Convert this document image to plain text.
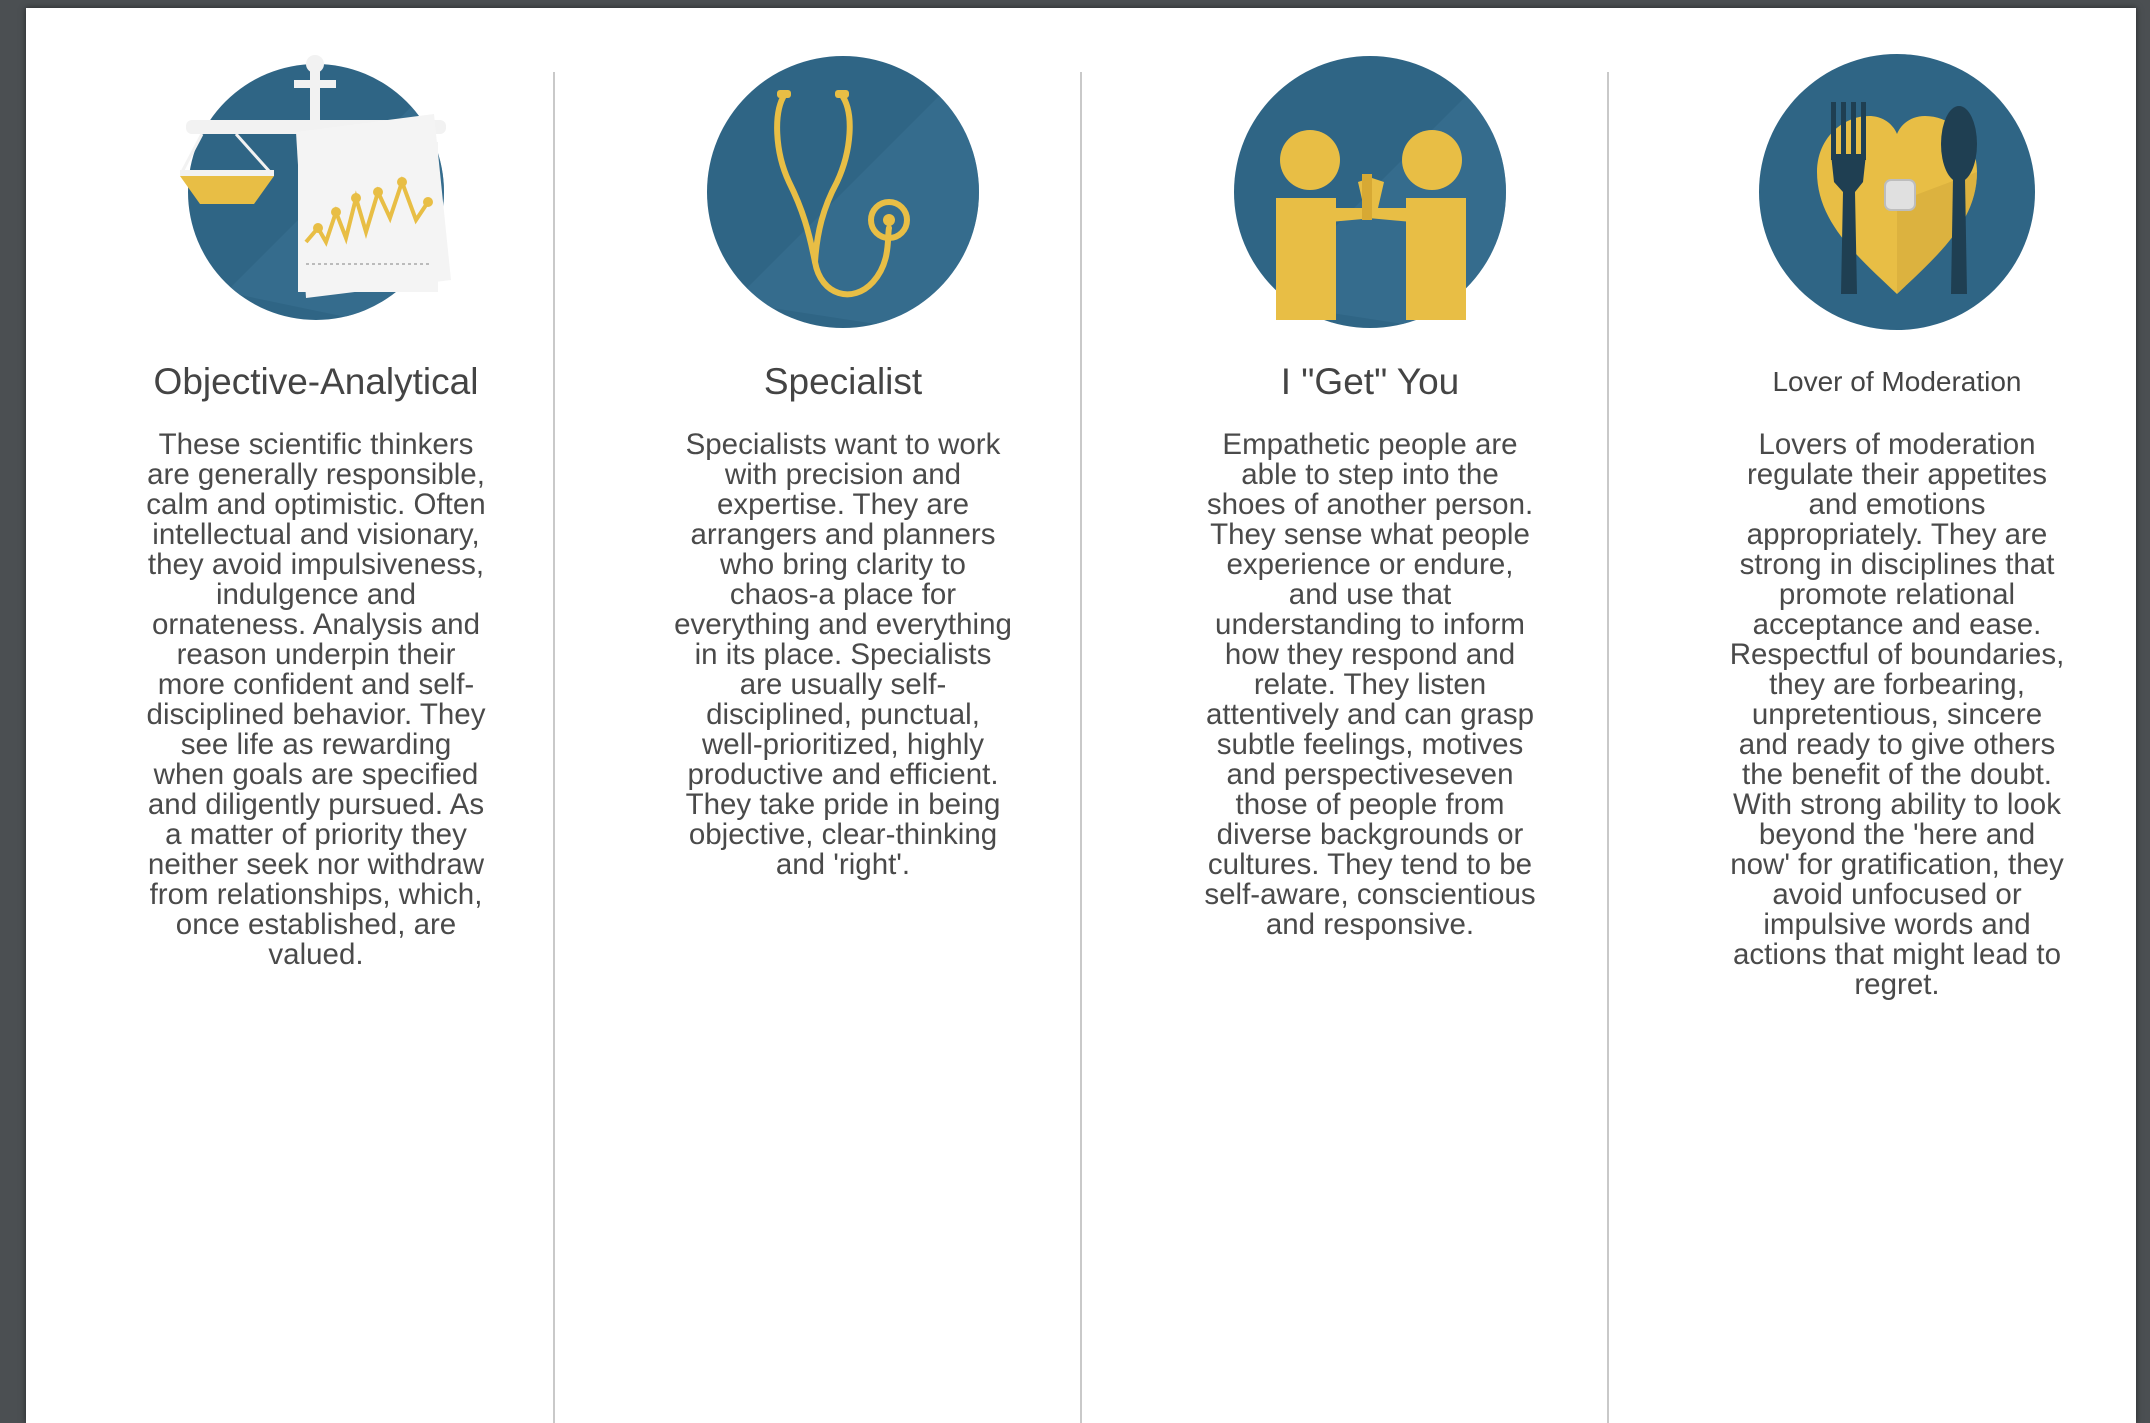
Objective-Analytical
These scientific thinkers are generally responsible, calm and optimistic. Often intellectual and visionary, they avoid impulsiveness, indulgence and ornateness. Analysis and reason underpin their more confident and self-disciplined behavior. They see life as rewarding when goals are specified and diligently pursued. As a matter of priority they neither seek nor withdraw from relationships, which, once established, are valued.
Specialist
Specialists want to work with precision and expertise. They are arrangers and planners who bring clarity to chaos-a place for everything and everything in its place. Specialists are usually self-disciplined, punctual, well-prioritized, highly productive and efficient. They take pride in being objective, clear-thinking and 'right'.
I "Get" You
Empathetic people are able to step into the shoes of another person. They sense what people experience or endure, and use that understanding to inform how they respond and relate. They listen attentively and can grasp subtle feelings, motives and perspectiveseven those of people from diverse backgrounds or cultures. They tend to be self-aware, conscientious and responsive.
Lover of Moderation
Lovers of moderation regulate their appetites and emotions appropriately. They are strong in disciplines that promote relational acceptance and ease. Respectful of boundaries, they are forbearing, unpretentious, sincere and ready to give others the benefit of the doubt. With strong ability to look beyond the 'here and now' for gratification, they avoid unfocused or impulsive words and actions that might lead to regret.
